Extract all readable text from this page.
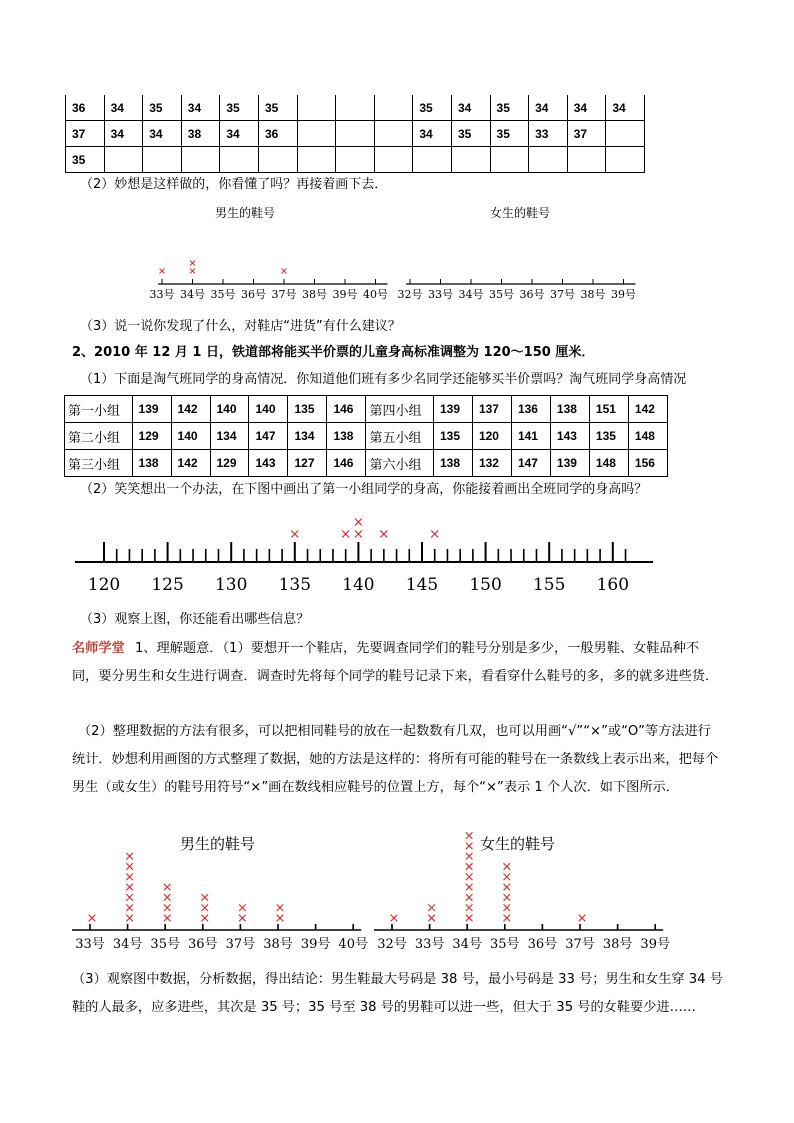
36	34	35	34	35	35				35	34	35	34	34	34
37	34	34	38	34	36				34	35	35	33	37	
35														
（2）妙想是这样做的，你看懂了吗？再接着画下去．
男生的鞋号	女生的鞋号
33号 34号 35号 36号 37号 38号 39号 40号 32号 33号 34号 35号 36号 37号 38号 39号
（3）说一说你发现了什么，对鞋店“进货”有什么建议？
2、2010 年 12 月 1 日，铁道部将能买半价票的儿童身高标准调整为 120～150 厘米．
（1）下面是淘气班同学的身高情况．你知道他们班有多少名同学还能够买半价票吗？淘气班同学身高情况
第一小组	139	142	140	140	135	146	第四小组	139	137	136	138	151	142
第二小组	129	140	134	147	134	138	第五小组	135	120	141	143	135	148
第三小组	138	142	129	143	127	146	第六小组	138	132	147	139	148	156
（2）笑笑想出一个办法，在下图中画出了第一小组同学的身高，你能接着画出全班同学的身高吗？
120 125 130 135 140 145 150 155 160
（3）观察上图，你还能看出哪些信息？
名师学堂 1、理解题意．（1）要想开一个鞋店，先要调查同学们的鞋号分别是多少，一般男鞋、女鞋品种不同，要分男生和女生进行调查．调查时先将每个同学的鞋号记录下来，看看穿什么鞋号的多，多的就多进些货．
（2）整理数据的方法有很多，可以把相同鞋号的放在一起数数有几双，也可以用画“√”“×”或“O”等方法进行统计．妙想利用画图的方式整理了数据，她的方法是这样的：将所有可能的鞋号在一条数线上表示出来，把每个男生（或女生）的鞋号用符号“×”画在数线相应鞋号的位置上方，每个“×”表示 1 个人次．如下图所示．
男生的鞋号	女生的鞋号
33号 34号 35号 36号 37号 38号 39号 40号 32号 33号 34号 35号 36号 37号 38号 39号
（3）观察图中数据，分析数据，得出结论：男生鞋最大号码是 38 号，最小号码是 33 号；男生和女生穿 34 号鞋的人最多，应多进些，其次是 35 号；35 号至 38 号的男鞋可以进一些，但大于 35 号的女鞋要少进……
